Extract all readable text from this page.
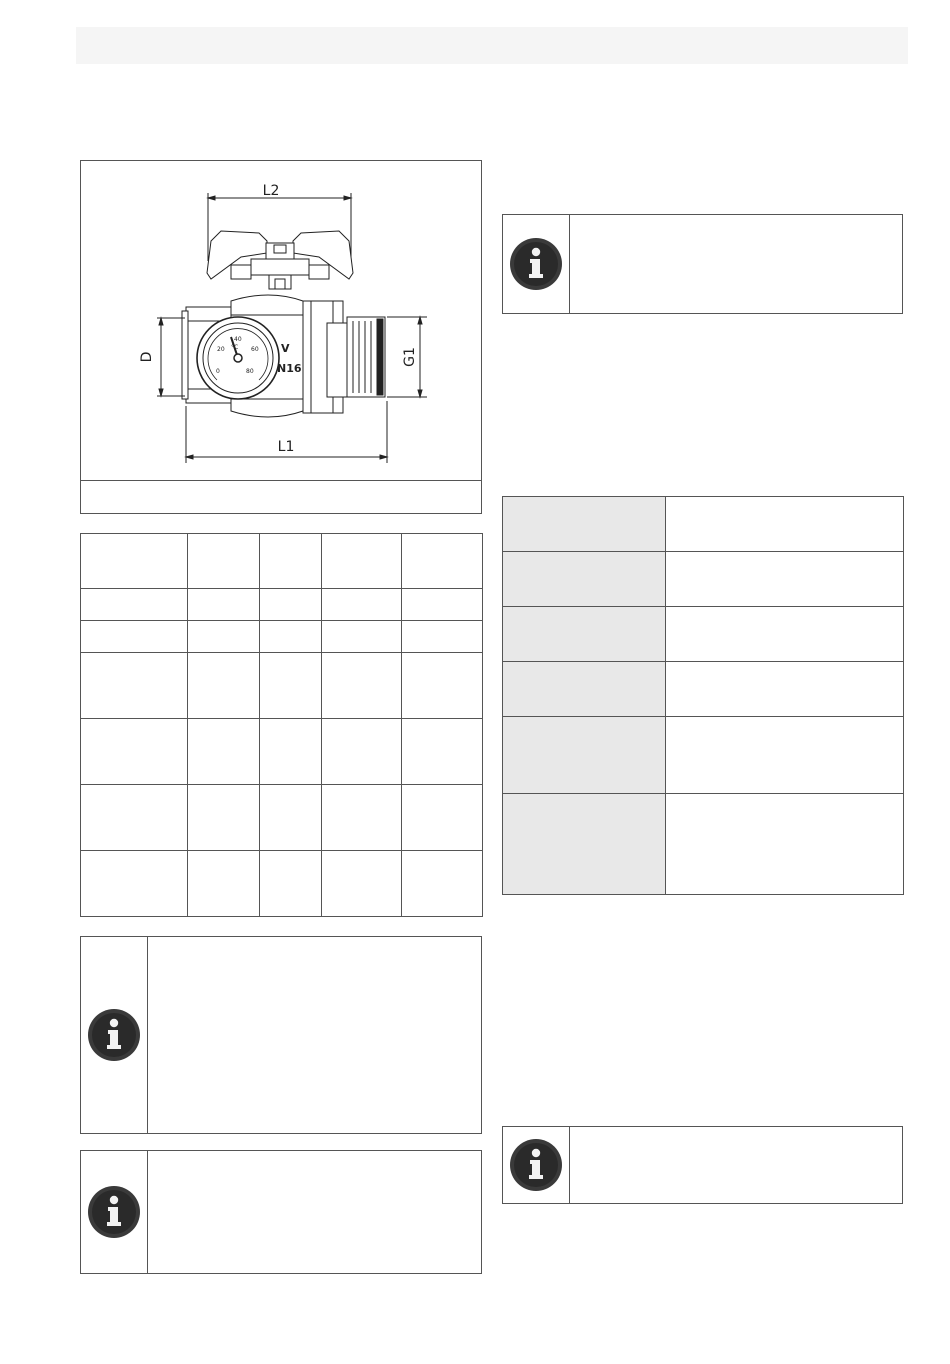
L2
L1
D	G1
0
20
40
60
80
°C	V
N16
